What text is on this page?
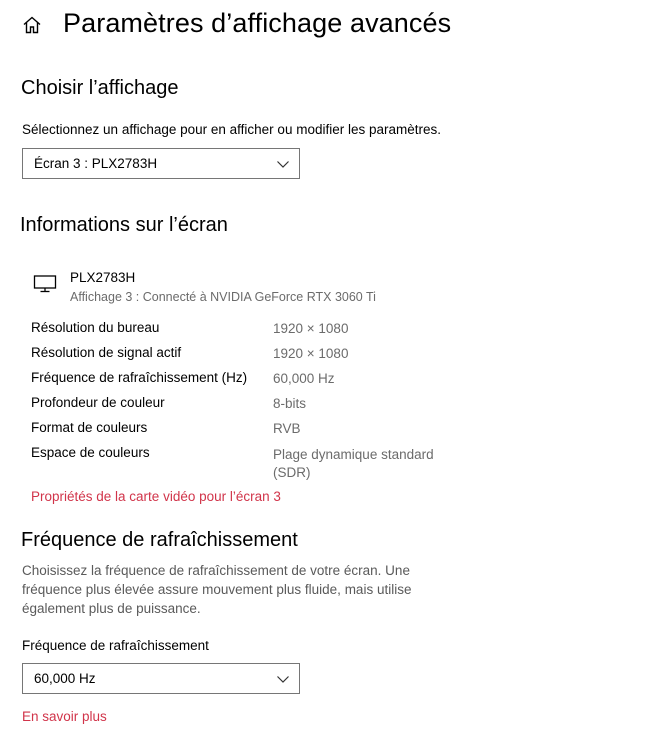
Paramètres d’affichage avancés
Choisir l’affichage
Sélectionnez un affichage pour en afficher ou modifier les paramètres.
Écran 3 : PLX2783H
Informations sur l’écran
PLX2783H
Affichage 3 : Connecté à NVIDIA GeForce RTX 3060 Ti
Résolution du bureau	1920 × 1080
Résolution de signal actif	1920 × 1080
Fréquence de rafraîchissement (Hz) 60,000 Hz
Profondeur de couleur	8-bits
Format de couleurs	RVB
Espace de couleurs	Plage dynamique standard (SDR)
Propriétés de la carte vidéo pour l’écran 3
Fréquence de rafraîchissement
Choisissez la fréquence de rafraîchissement de votre écran. Une fréquence plus élevée assure mouvement plus fluide, mais utilise également plus de puissance.
Fréquence de rafraîchissement
60,000 Hz
En savoir plus
